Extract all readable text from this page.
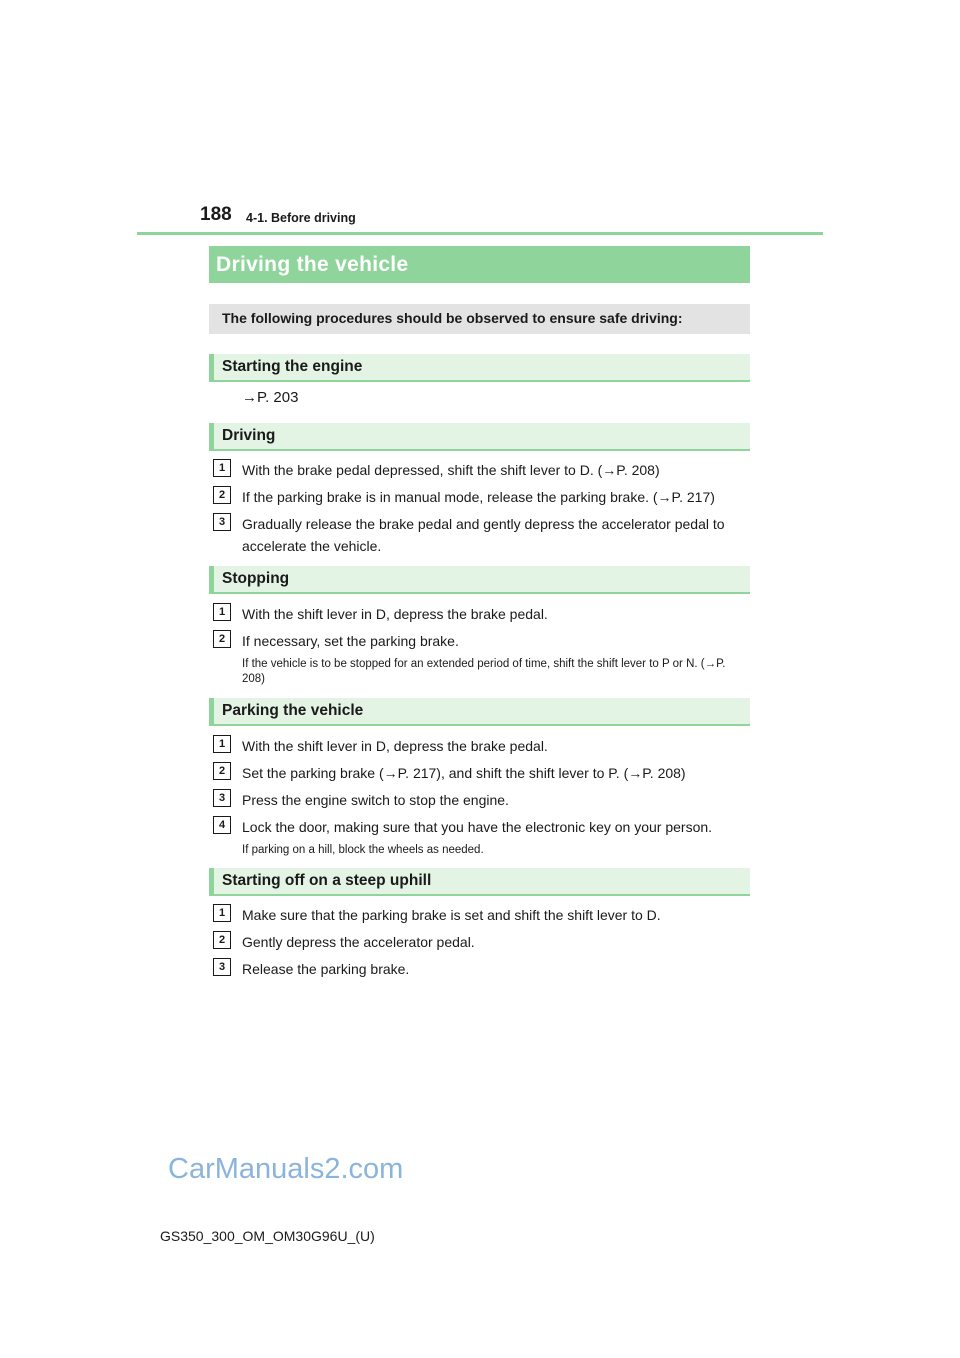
188 4-1. Before driving
Driving the vehicle
The following procedures should be observed to ensure safe driving:
Starting the engine
→P. 203
Driving
1	With the brake pedal depressed, shift the shift lever to D. (→P. 208)
2	If the parking brake is in manual mode, release the parking brake. (→P. 217)
3	Gradually release the brake pedal and gently depress the accelerator pedal to accelerate the vehicle.
Stopping
1	With the shift lever in D, depress the brake pedal.
2	If necessary, set the parking brake.
If the vehicle is to be stopped for an extended period of time, shift the shift lever to P or N. (→P. 208)
Parking the vehicle
1	With the shift lever in D, depress the brake pedal.
2	Set the parking brake (→P. 217), and shift the shift lever to P. (→P. 208)
3	Press the engine switch to stop the engine.
4	Lock the door, making sure that you have the electronic key on your person.
If parking on a hill, block the wheels as needed.
Starting off on a steep uphill
1	Make sure that the parking brake is set and shift the shift lever to D.
2	Gently depress the accelerator pedal.
3	Release the parking brake.
CarManuals2.com
GS350_300_OM_OM30G96U_(U)
